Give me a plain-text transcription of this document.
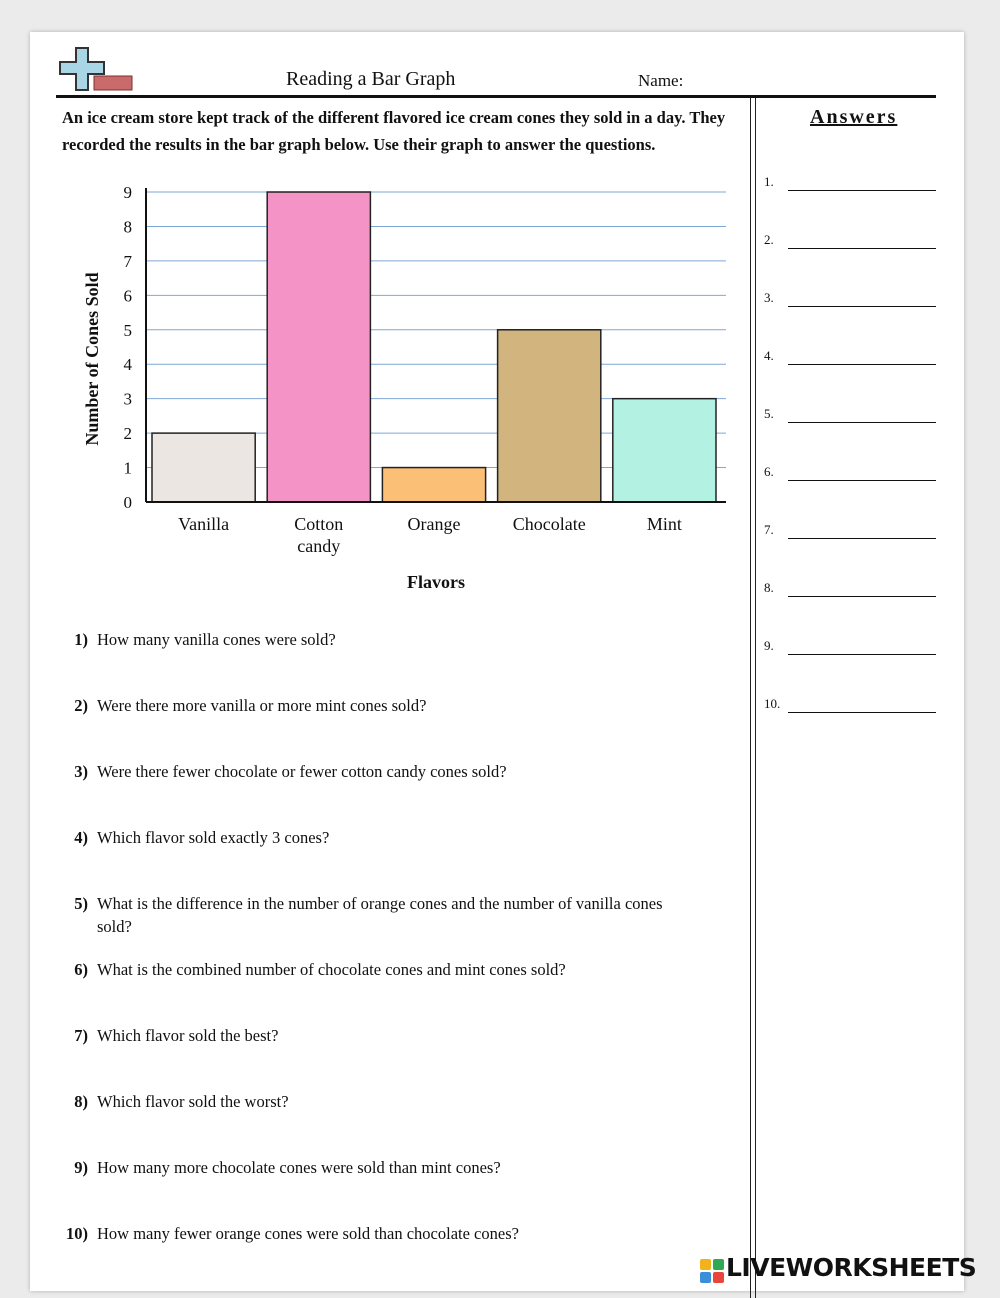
Reading a Bar Graph	Name:
An ice cream store kept track of the different flavored ice cream cones they sold in a day. They recorded the results in the bar graph below. Use their graph to answer the questions.
0
1
2
3
4
5
6
7
8
9
Vanilla	Cotton candy
Orange	Chocolate	Mint
Flavors
Number of Cones Sold
1) How many vanilla cones were sold?
2) Were there more vanilla or more mint cones sold?
3) Were there fewer chocolate or fewer cotton candy cones sold?
4) Which flavor sold exactly 3 cones?
5) What is the difference in the number of orange cones and the number of vanilla cones sold?
6) What is the combined number of chocolate cones and mint cones sold?
7) Which flavor sold the best?
8) Which flavor sold the worst?
9) How many more chocolate cones were sold than mint cones?
10) How many fewer orange cones were sold than chocolate cones?
Answers
1.
2.
3.
4.
5.
6.
7.
8.
9.
10.
LIVEWORKSHEETS
